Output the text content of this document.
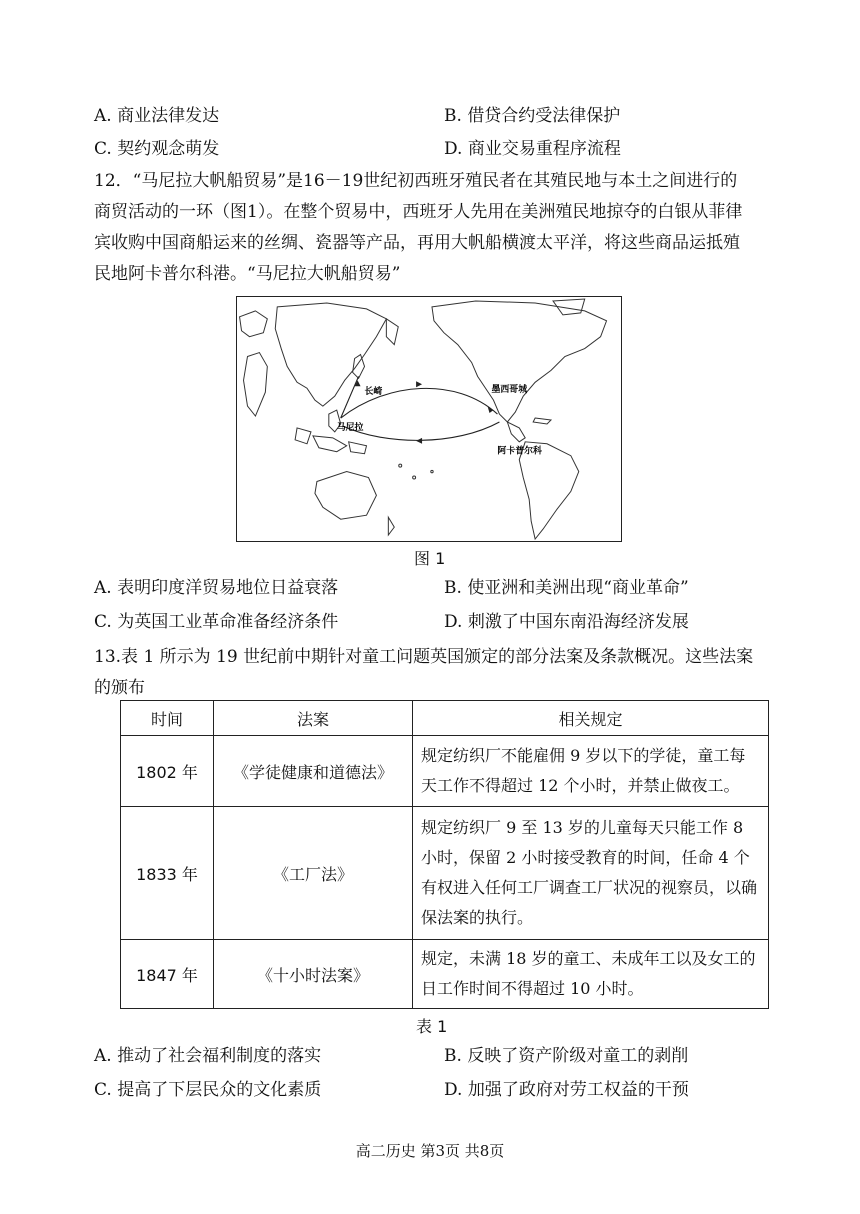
A. 商业法律发达	B. 借贷合约受法律保护
C. 契约观念萌发	D. 商业交易重程序流程
12．“马尼拉大帆船贸易”是16－19世纪初西班牙殖民者在其殖民地与本土之间进行的
商贸活动的一环（图1）。在整个贸易中，西班牙人先用在美洲殖民地掠夺的白银从菲律
宾收购中国商船运来的丝绸、瓷器等产品，再用大帆船横渡太平洋，将这些商品运抵殖
民地阿卡普尔科港。“马尼拉大帆船贸易”
长崎
马尼拉
墨西哥城
阿卡普尔科
图 1
A. 表明印度洋贸易地位日益衰落	B. 使亚洲和美洲出现“商业革命”
C. 为英国工业革命准备经济条件	D. 刺激了中国东南沿海经济发展
13.表 1 所示为 19 世纪前中期针对童工问题英国颁定的部分法案及条款概况。这些法案
的颁布
时间	法案	相关规定
1802 年	《学徒健康和道德法》	规定纺织厂不能雇佣 9 岁以下的学徒，童工每天工作不得超过 12 个小时，并禁止做夜工。
1833 年	《工厂法》	规定纺织厂 9 至 13 岁的儿童每天只能工作 8 小时，保留 2 小时接受教育的时间，任命 4 个有权进入任何工厂调查工厂状况的视察员，以确保法案的执行。
1847 年	《十小时法案》	规定，未满 18 岁的童工、未成年工以及女工的日工作时间不得超过 10 小时。
表 1
A. 推动了社会福利制度的落实	B. 反映了资产阶级对童工的剥削
C. 提高了下层民众的文化素质	D. 加强了政府对劳工权益的干预
高二历史 第3页 共8页
